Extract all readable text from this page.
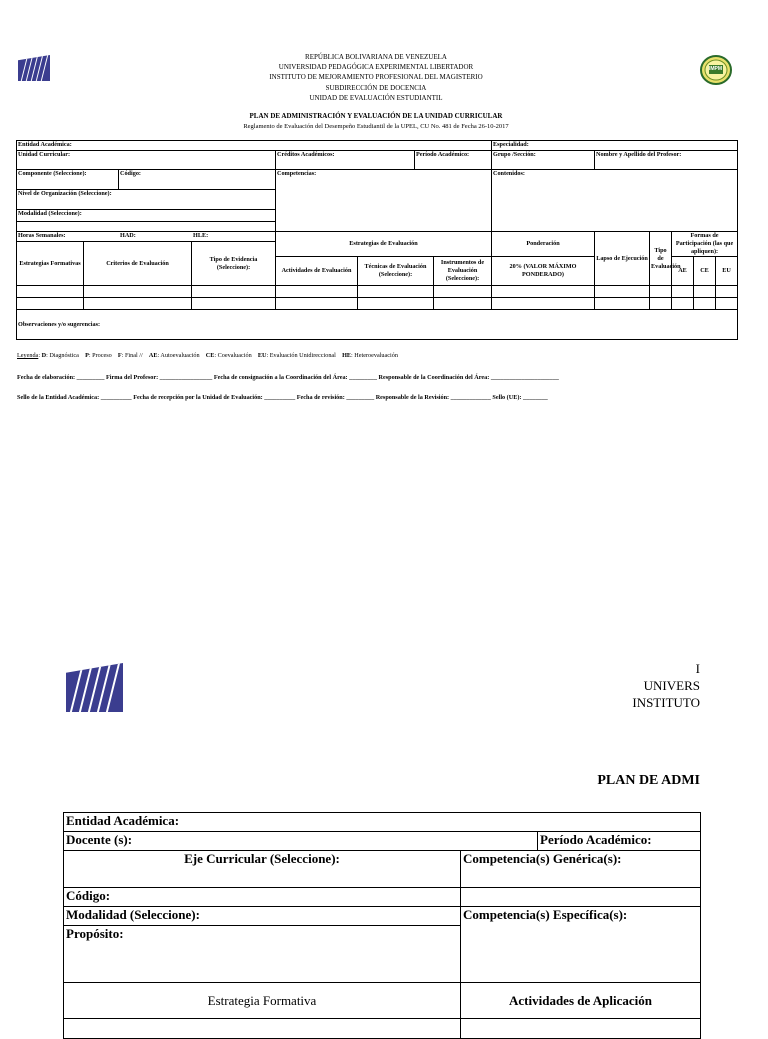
IMPM
REPÚBLICA BOLIVARIANA DE VENEZUELA
UNIVERSIDAD PEDAGÓGICA EXPERIMENTAL LIBERTADOR
INSTITUTO DE MEJORAMIENTO PROFESIONAL DEL MAGISTERIO
SUBDIRECCIÓN DE DOCENCIA
UNIDAD DE EVALUACIÓN ESTUDIANTIL
PLAN DE ADMINISTRACIÓN Y EVALUACIÓN DE LA UNIDAD CURRICULAR
Reglamento de Evaluación del Desempeño Estudiantil de la UPEL, CU No. 481 de Fecha 26-10-2017
Entidad Académica:								Especialidad:						
Unidad Curricular:				Créditos Académicos:		Período Académico:		Grupo /Sección:	Nombre y Apellido del Profesor:					
Componente (Seleccione):		Código:		Competencias:				Contenidos:						
Nivel de Organización (Seleccione):														
Modalidad (Seleccione):														

Horas Semanales: HAD: HLE:				Estrategias de Evaluación				Ponderación	Lapso de Ejecución	Tipo de Evaluación	Formas de Participación (las que apliquen):			
Estrategias Formativas	Criterios de Evaluación		Tipo de Evidencia (Seleccione):											
				Actividades de Evaluación	Técnicas de Evaluación (Seleccione):		Instrumentos de Evaluación (Seleccione):	20% (VALOR MÁXIMO PONDERADO)			AE	CE	EU	

Observaciones y/o sugerencias:														
Leyenda: D: Diagnóstica P: Proceso F: Final // AE: Autoevaluación CE: Coevaluación EU: Evaluación Unidireccional HE: Heteroevaluación
Fecha de elaboración: _________ Firma del Profesor: _________________ Fecha de consignación a la Coordinación del Área: _________ Responsable de la Coordinación del Área: ______________________
Sello de la Entidad Académica: __________ Fecha de recepción por la Unidad de Evaluación: __________ Fecha de revisión: _________ Responsable de la Revisión: _____________ Sello (UE): ________
I
UNIVERS
INSTITUTO
PLAN DE ADMI
Entidad Académica:		
Docente (s):		Período Académico:
Eje Curricular (Seleccione):	Competencia(s) Genérica(s):	

Código:		
Modalidad (Seleccione):	Competencia(s) Específica(s):	
Propósito:		
Estrategia Formativa	Actividades de Aplicación	
